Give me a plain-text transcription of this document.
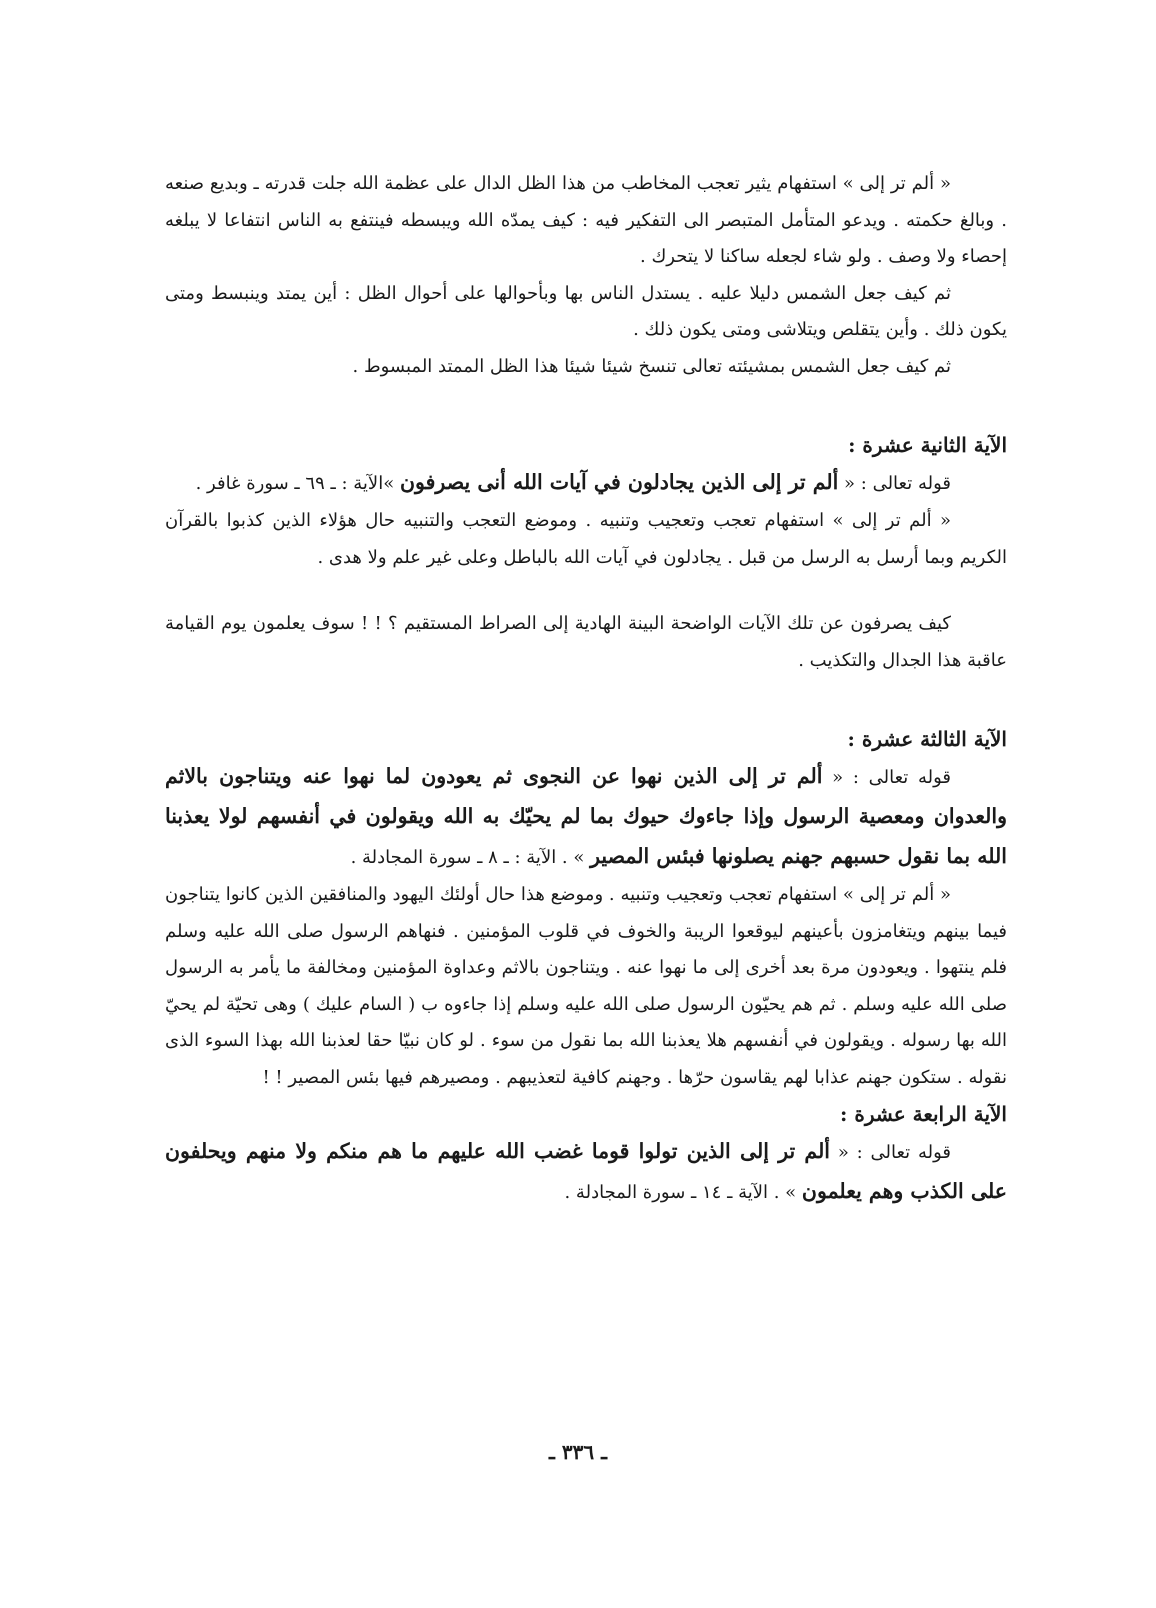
« ألم تر إلى » استفهام يثير تعجب المخاطب من هذا الظل الدال على عظمة الله جلت قدرته ـ وبديع صنعه . وبالغ حكمته . ويدعو المتأمل المتبصر الى التفكير فيه : كيف يمدّه الله ويبسطه فينتفع به الناس انتفاعا لا يبلغه إحصاء ولا وصف . ولو شاء لجعله ساكنا لا يتحرك .

ثم كيف جعل الشمس دليلا عليه . يستدل الناس بها وبأحوالها على أحوال الظل : أين يمتد وينبسط ومتى يكون ذلك . وأين يتقلص ويتلاشى ومتى يكون ذلك .

ثم كيف جعل الشمس بمشيئته تعالى تنسخ شيئا شيئا هذا الظل الممتد المبسوط .

الآية الثانية عشرة :

قوله تعالى : « ألم تر إلى الذين يجادلون في آيات الله أنى يصرفون »الآية : ـ ٦٩ ـ سورة غافر .

« ألم تر إلى » استفهام تعجب وتعجيب وتنبيه . وموضع التعجب والتنبيه حال هؤلاء الذين كذبوا بالقرآن الكريم وبما أرسل به الرسل من قبل . يجادلون في آيات الله بالباطل وعلى غير علم ولا هدى .

كيف يصرفون عن تلك الآيات الواضحة البينة الهادية إلى الصراط المستقيم ؟ ! ! سوف يعلمون يوم القيامة عاقبة هذا الجدال والتكذيب .

الآية الثالثة عشرة :

قوله تعالى : « ألم تر إلى الذين نهوا عن النجوى ثم يعودون لما نهوا عنه ويتناجون بالاثم والعدوان ومعصية الرسول وإذا جاءوك حيوك بما لم يحيّك به الله ويقولون في أنفسهم لولا يعذبنا الله بما نقول حسبهم جهنم يصلونها فبئس المصير » . الآية : ـ ٨ ـ سورة المجادلة .

« ألم تر إلى » استفهام تعجب وتعجيب وتنبيه . وموضع هذا حال أولئك اليهود والمنافقين الذين كانوا يتناجون فيما بينهم ويتغامزون بأعينهم ليوقعوا الريبة والخوف في قلوب المؤمنين . فنهاهم الرسول صلى الله عليه وسلم فلم ينتهوا . ويعودون مرة بعد أخرى إلى ما نهوا عنه . ويتناجون بالاثم وعداوة المؤمنين ومخالفة ما يأمر به الرسول صلى الله عليه وسلم . ثم هم يحيّون الرسول صلى الله عليه وسلم إذا جاءوه ب ( السام عليك ) وهى تحيّة لم يحيّ الله بها رسوله . ويقولون في أنفسهم هلا يعذبنا الله بما نقول من سوء . لو كان نبيّا حقا لعذبنا الله بهذا السوء الذى نقوله . ستكون جهنم عذابا لهم يقاسون حرّها . وجهنم كافية لتعذيبهم . ومصيرهم فيها بئس المصير ! !

الآية الرابعة عشرة :

قوله تعالى : « ألم تر إلى الذين تولوا قوما غضب الله عليهم ما هم منكم ولا منهم ويحلفون على الكذب وهم يعلمون » . الآية ـ ١٤ ـ سورة المجادلة .

ـ ٣٣٦ ـ
